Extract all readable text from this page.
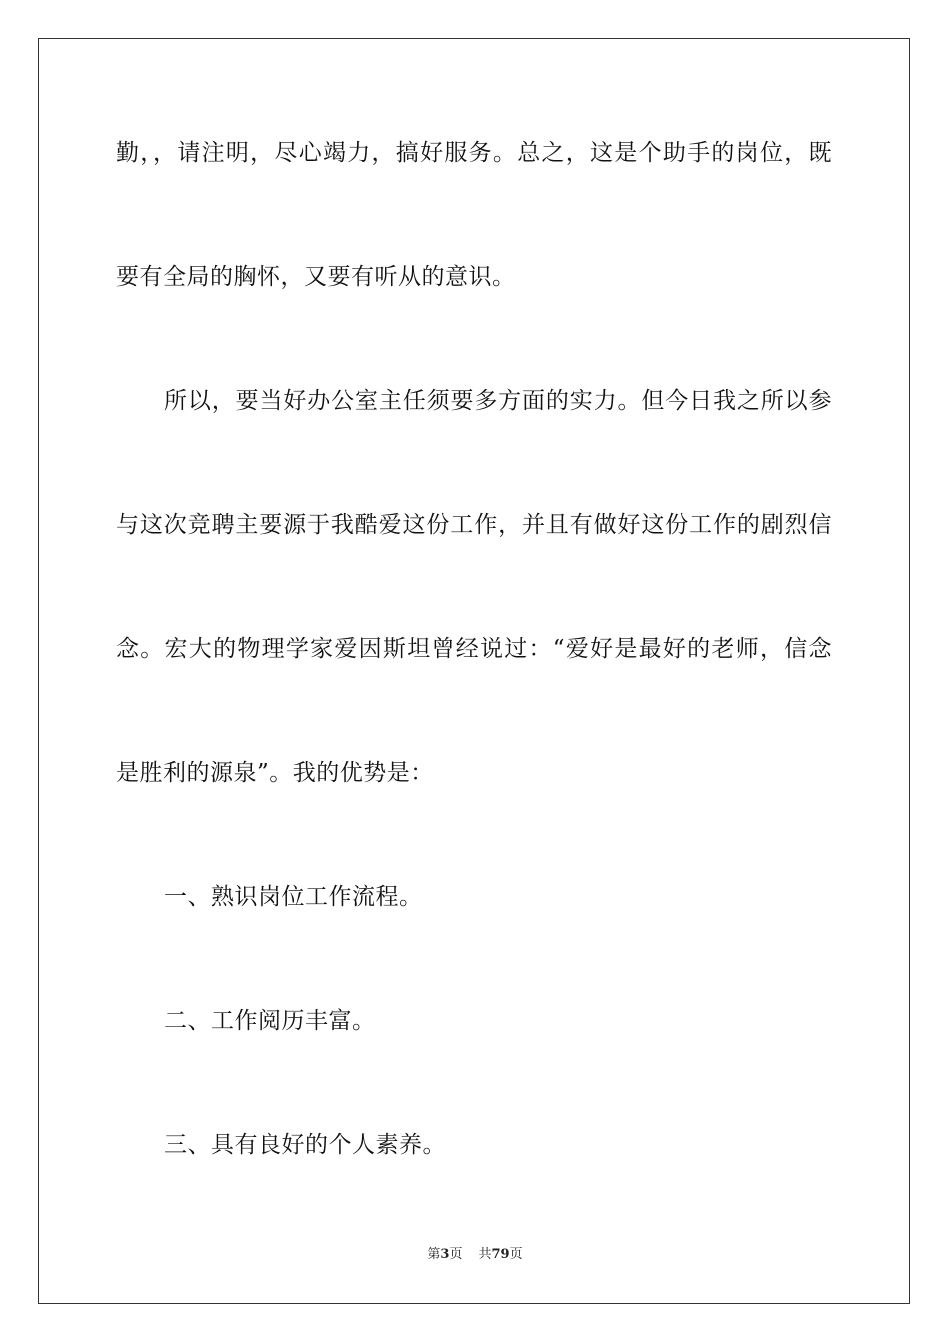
勤，，请注明，尽心竭力，搞好服务。总之，这是个助手的岗位，既
要有全局的胸怀，又要有听从的意识。
所以，要当好办公室主任须要多方面的实力。但今日我之所以参
与这次竞聘主要源于我酷爱这份工作，并且有做好这份工作的剧烈信
念。宏大的物理学家爱因斯坦曾经说过：“爱好是最好的老师，信念
是胜利的源泉”。我的优势是：
一、熟识岗位工作流程。
二、工作阅历丰富。
三、具有良好的个人素养。
第3页 共79页
